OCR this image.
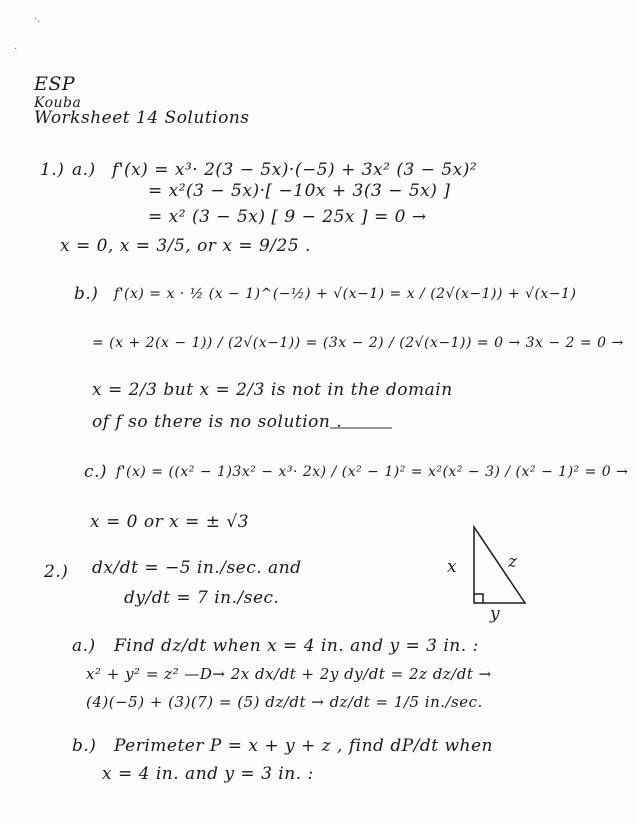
·.
·
ESP
Kouba
Worksheet 14 Solutions
1.) a.) f'(x) = x³· 2(3 − 5x)·(−5) + 3x² (3 − 5x)²
= x²(3 − 5x)·[ −10x + 3(3 − 5x) ]
= x² (3 − 5x) [ 9 − 25x ] = 0 →
x = 0, x = 3/5, or x = 9/25 .
b.) f'(x) = x · ½ (x − 1)^(−½) + √(x−1) = x / (2√(x−1)) + √(x−1)
= (x + 2(x − 1)) / (2√(x−1)) = (3x − 2) / (2√(x−1)) = 0 → 3x − 2 = 0 →
x = 2/3 but x = 2/3 is not in the domain
of f so there is no solution .
c.) f'(x) = ((x² − 1)3x² − x³· 2x) / (x² − 1)² = x²(x² − 3) / (x² − 1)² = 0 →
x = 0 or x = ± √3
2.) dx/dt = −5 in./sec. and
dy/dt = 7 in./sec.
x	z
y
a.) Find dz/dt when x = 4 in. and y = 3 in. :
x² + y² = z² —D→ 2x dx/dt + 2y dy/dt = 2z dz/dt →
(4)(−5) + (3)(7) = (5) dz/dt → dz/dt = 1/5 in./sec.
b.) Perimeter P = x + y + z , find dP/dt when
x = 4 in. and y = 3 in. :
